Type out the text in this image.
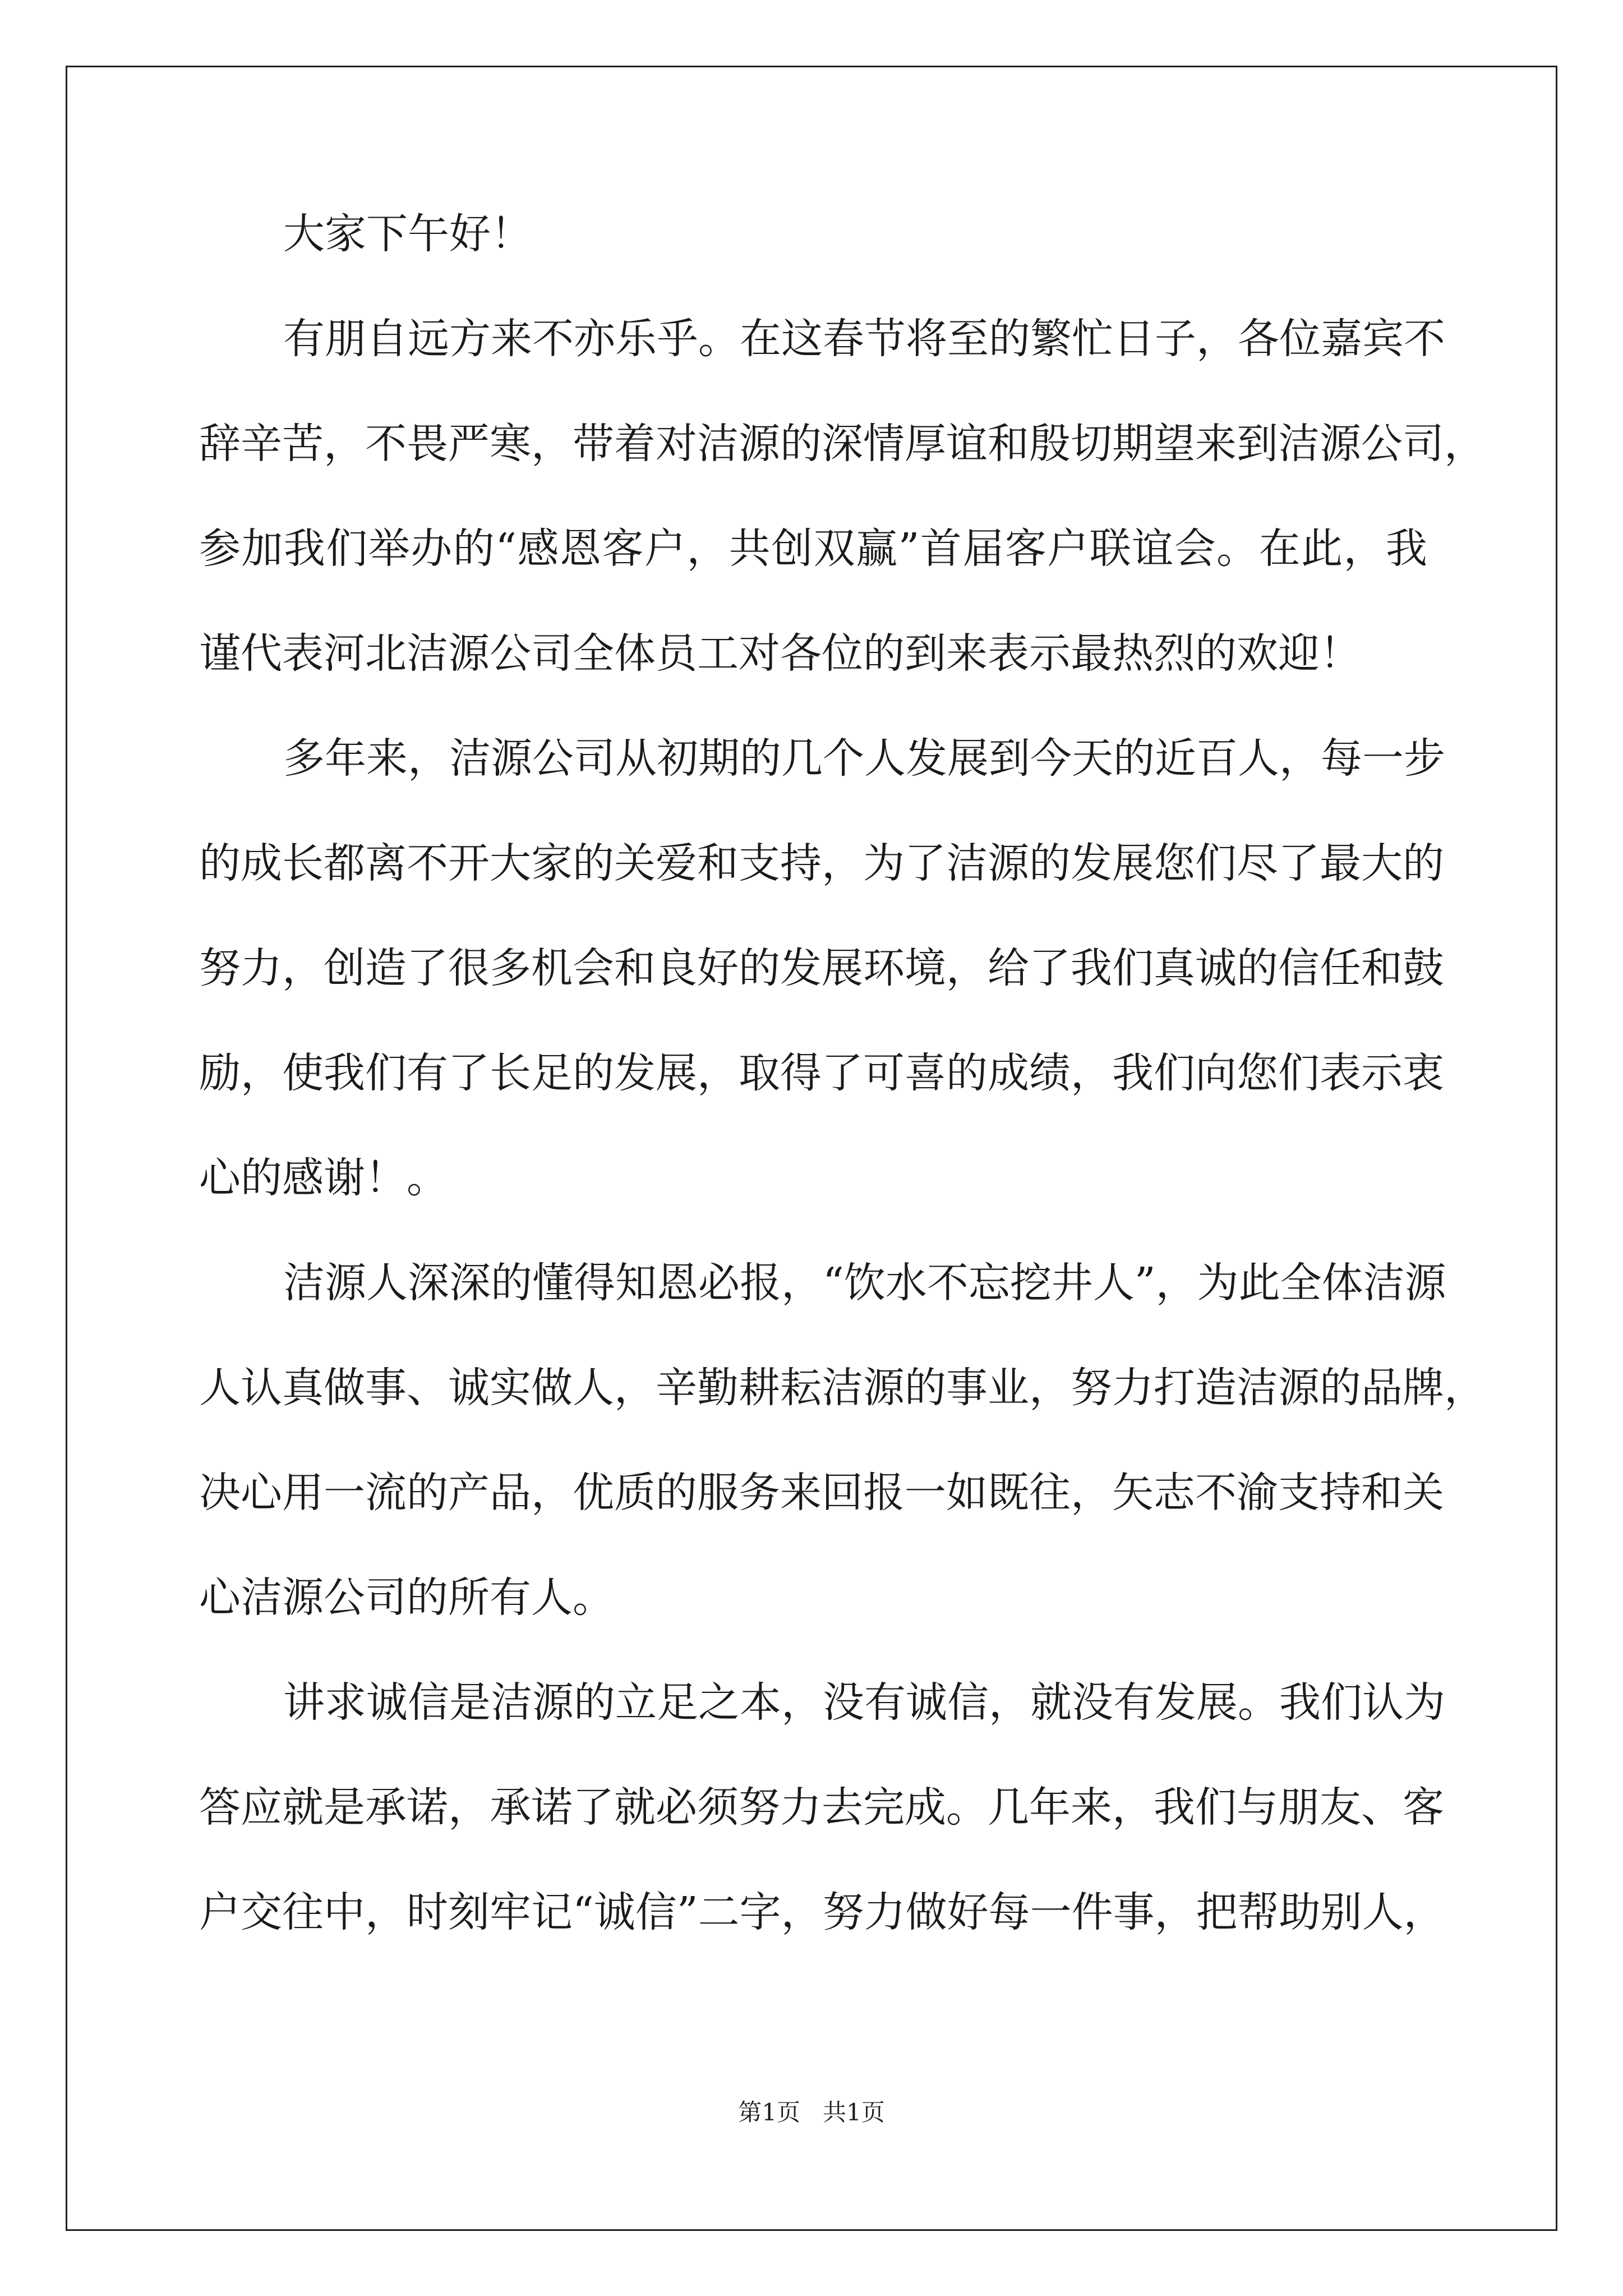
大家下午好！
有朋自远方来不亦乐乎。在这春节将至的繁忙日子，各位嘉宾不
辞辛苦，不畏严寒，带着对洁源的深情厚谊和殷切期望来到洁源公司，
参加我们举办的“感恩客户，共创双赢”首届客户联谊会。在此，我
谨代表河北洁源公司全体员工对各位的到来表示最热烈的欢迎！
多年来，洁源公司从初期的几个人发展到今天的近百人，每一步
的成长都离不开大家的关爱和支持，为了洁源的发展您们尽了最大的
努力，创造了很多机会和良好的发展环境，给了我们真诚的信任和鼓
励，使我们有了长足的发展，取得了可喜的成绩，我们向您们表示衷
心的感谢！。
洁源人深深的懂得知恩必报，“饮水不忘挖井人”，为此全体洁源
人认真做事、诚实做人，辛勤耕耘洁源的事业，努力打造洁源的品牌，
决心用一流的产品，优质的服务来回报一如既往，矢志不渝支持和关
心洁源公司的所有人。
讲求诚信是洁源的立足之本，没有诚信，就没有发展。我们认为
答应就是承诺，承诺了就必须努力去完成。几年来，我们与朋友、客
户交往中，时刻牢记“诚信”二字，努力做好每一件事，把帮助别人，
第1页 共1页
